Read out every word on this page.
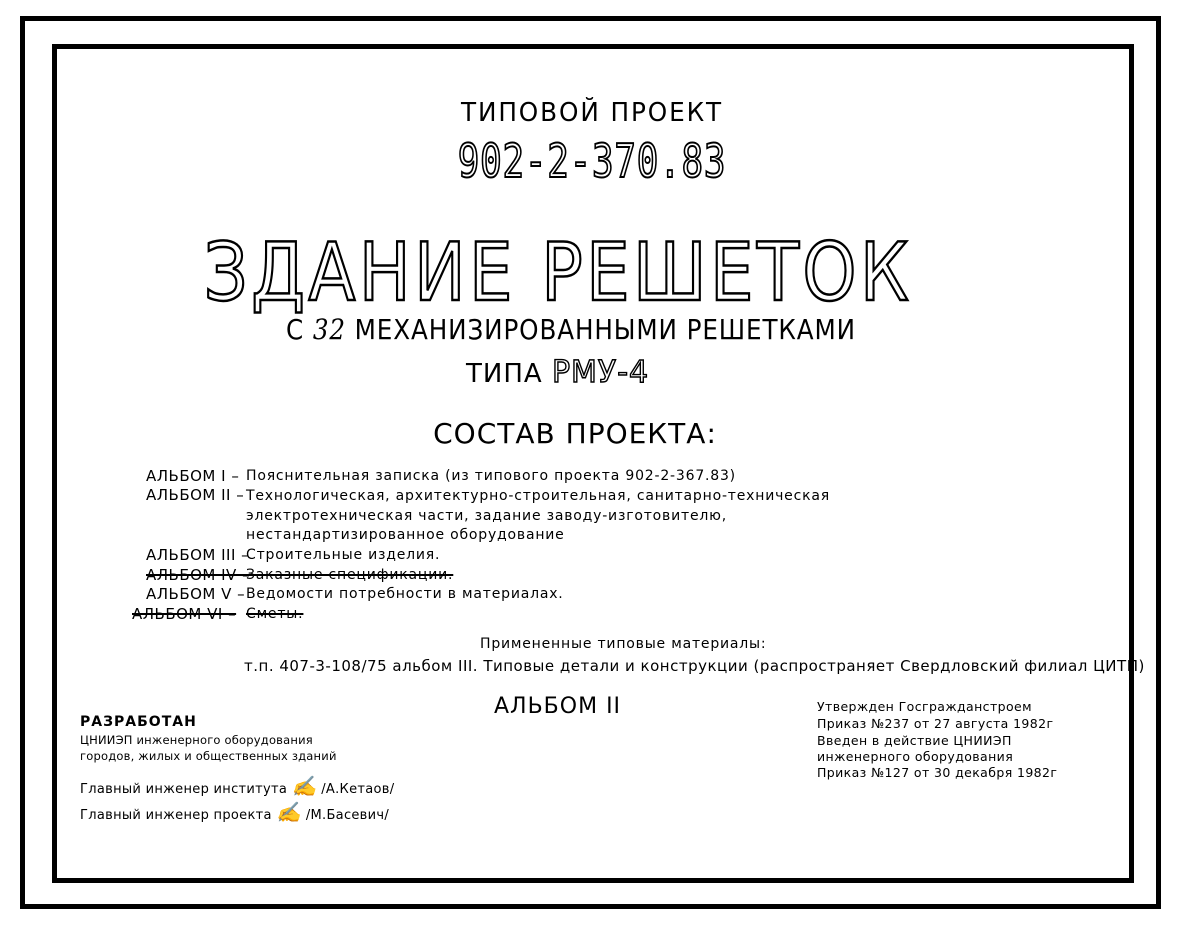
ТИПОВОЙ ПРОЕКТ
902-2-370.83
ЗДАНИЕ РЕШЕТОК
С 32 МЕХАНИЗИРОВАННЫМИ РЕШЕТКАМИ
ТИПА РМУ-4
СОСТАВ ПРОЕКТА:
АЛЬБОМ I – Пояснительная записка (из типового проекта 902-2-367.83)
АЛЬБОМ II – Технологическая, архитектурно-строительная, санитарно-техническая
электротехническая части, задание заводу-изготовителю,
нестандартизированное оборудование
АЛЬБОМ III –
Строительные изделия.
АЛЬБОМ IV –
Заказные спецификации.
АЛЬБОМ V – Ведомости потребности в материалах.
АЛЬБОМ VI – Сметы.
Примененные типовые материалы:
т.п. 407-3-108/75 альбом III. Типовые детали и конструкции (распространяет Свердловский филиал ЦИТП)
АЛЬБОМ II
РАЗРАБОТАН
ЦНИИЭП инженерного оборудования
городов, жилых и общественных зданий
Главный инженер института ✍ /А.Кетаов/
Главный инженер проекта ✍ /М.Басевич/
Утвержден Госгражданстроем
Приказ №237 от 27 августа 1982г
Введен в действие ЦНИИЭП
инженерного оборудования
Приказ №127 от 30 декабря 1982г
